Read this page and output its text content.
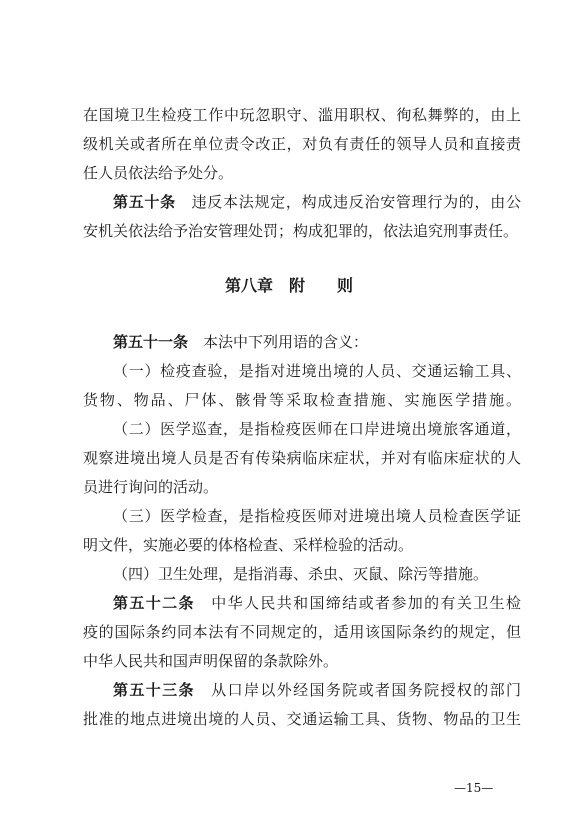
在国境卫生检疫工作中玩忽职守、滥用职权、徇私舞弊的，由上
级机关或者所在单位责令改正，对负有责任的领导人员和直接责
任人员依法给予处分。
第五十条　 违反本法规定，构成违反治安管理行为的，由公
安机关依法给予治安管理处罚；构成犯罪的，依法追究刑事责任。
第八章　附　　则
第五十一条　 本法中下列用语的含义：
（一）检疫查验，是指对进境出境的人员、交通运输工具、
货物、物品、尸体、骸骨等采取检查措施、实施医学措施。
（二）医学巡查，是指检疫医师在口岸进境出境旅客通道，
观察进境出境人员是否有传染病临床症状，并对有临床症状的人
员进行询问的活动。
（三）医学检查，是指检疫医师对进境出境人员检查医学证
明文件，实施必要的体格检查、采样检验的活动。
（四）卫生处理，是指消毒、杀虫、灭鼠、除污等措施。
第五十二条　 中华人民共和国缔结或者参加的有关卫生检
疫的国际条约同本法有不同规定的，适用该国际条约的规定，但
中华人民共和国声明保留的条款除外。
第五十三条　 从口岸以外经国务院或者国务院授权的部门
批准的地点进境出境的人员、交通运输工具、货物、物品的卫生
—15—
